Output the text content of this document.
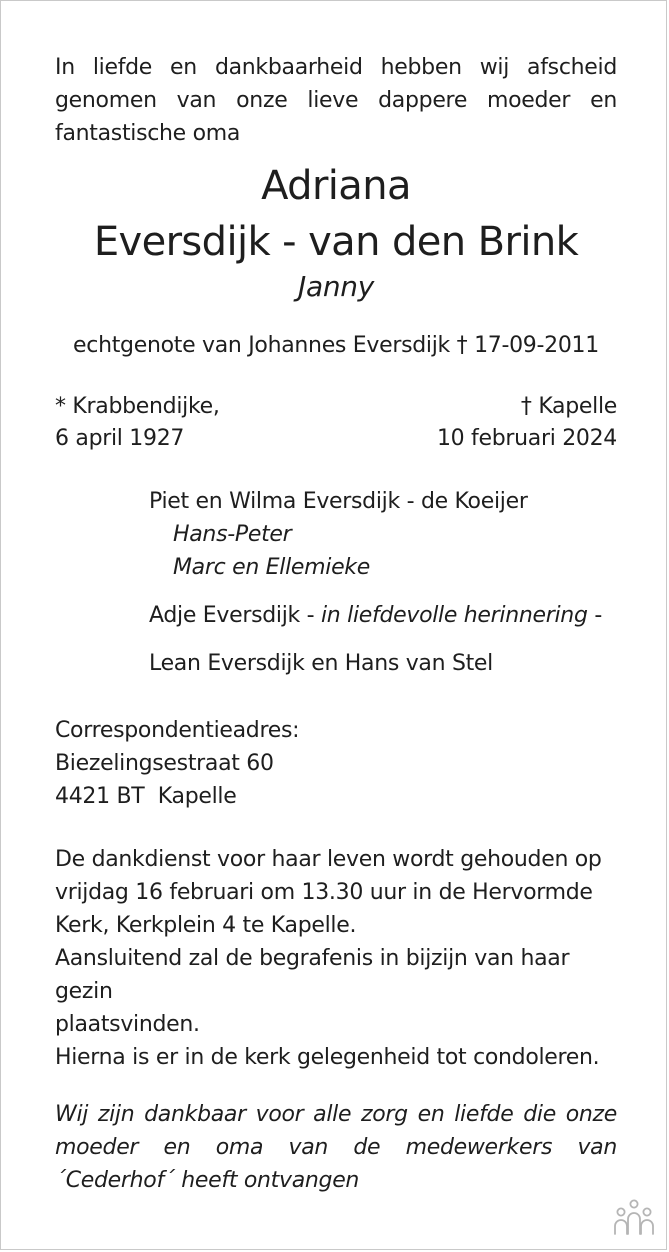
In liefde en dankbaarheid hebben wij afscheid genomen van onze lieve dappere moeder en fantastische oma
Adriana
Eversdijk - van den Brink
Janny
echtgenote van Johannes Eversdijk † 17-09-2011
* Krabbendijke,
6 april 1927
† Kapelle
10 februari 2024
Piet en Wilma Eversdijk - de Koeijer
Hans-Peter
Marc en Ellemieke
Adje Eversdijk - in liefdevolle herinnering -
Lean Eversdijk en Hans van Stel
Correspondentieadres:
Biezelingsestraat 60
4421 BT  Kapelle
De dankdienst voor haar leven wordt gehouden op
vrijdag 16 februari om 13.30 uur in de Hervormde
Kerk, Kerkplein 4 te Kapelle.
Aansluitend zal de begrafenis in bijzijn van haar gezin
plaatsvinden.
Hierna is er in de kerk gelegenheid tot condoleren.
Wij zijn dankbaar voor alle zorg en liefde die onze moeder en oma van de medewerkers van ´Cederhof´ heeft ontvangen
